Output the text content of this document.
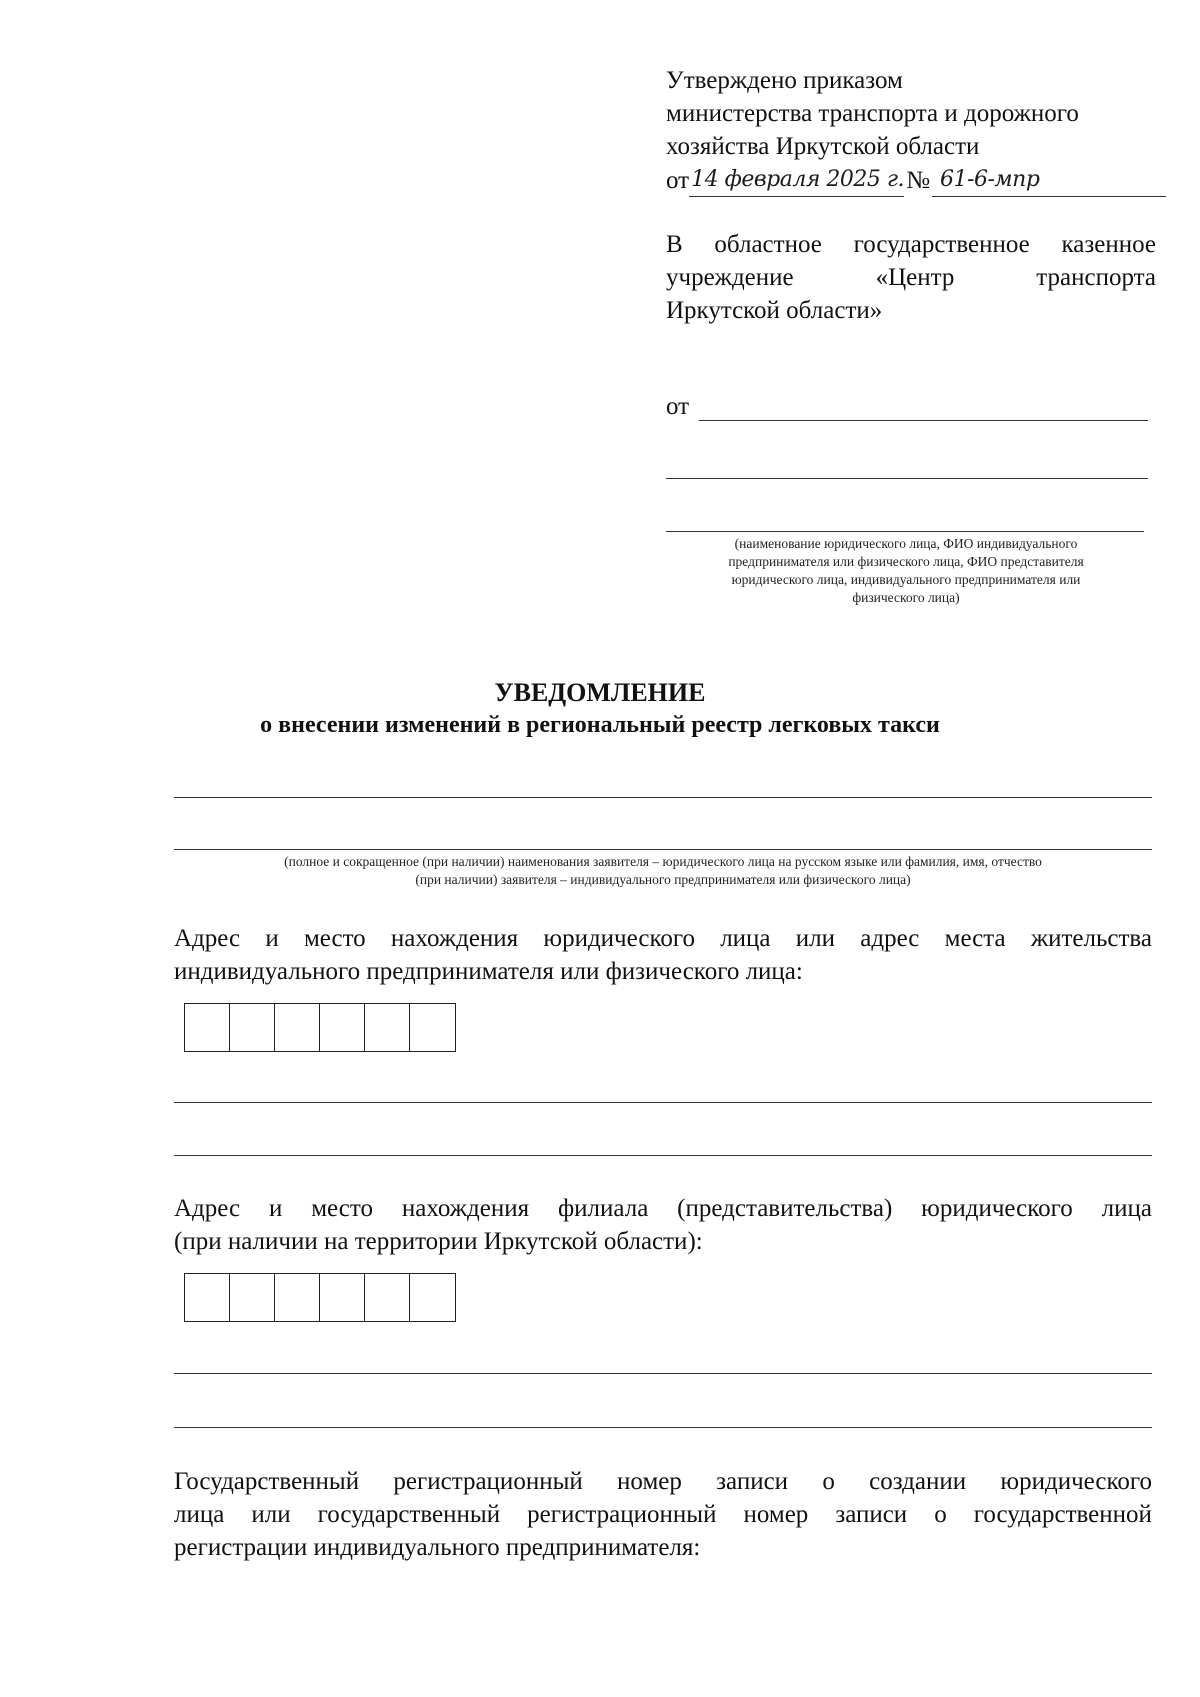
Утверждено приказом
министерства транспорта и дорожного
хозяйства Иркутской области
от 14 февраля 2025 г. № 61-6-мпр
В областное государственное казенное
учреждение	«Центр	транспорта
Иркутской области»
от
(наименование юридического лица, ФИО индивидуального
предпринимателя или физического лица, ФИО представителя
юридического лица, индивидуального предпринимателя или
физического лица)
УВЕДОМЛЕНИЕ
о внесении изменений в региональный реестр легковых такси
(полное и сокращенное (при наличии) наименования заявителя – юридического лица на русском языке или фамилия, имя, отчество
(при наличии) заявителя – индивидуального предпринимателя или физического лица)
Адрес и место нахождения юридического лица или адрес места жительства
индивидуального предпринимателя или физического лица:
Адрес и место нахождения филиала (представительства) юридического лица
(при наличии на территории Иркутской области):
Государственный регистрационный номер записи о создании юридического
лица или государственный регистрационный номер записи о государственной
регистрации индивидуального предпринимателя:
